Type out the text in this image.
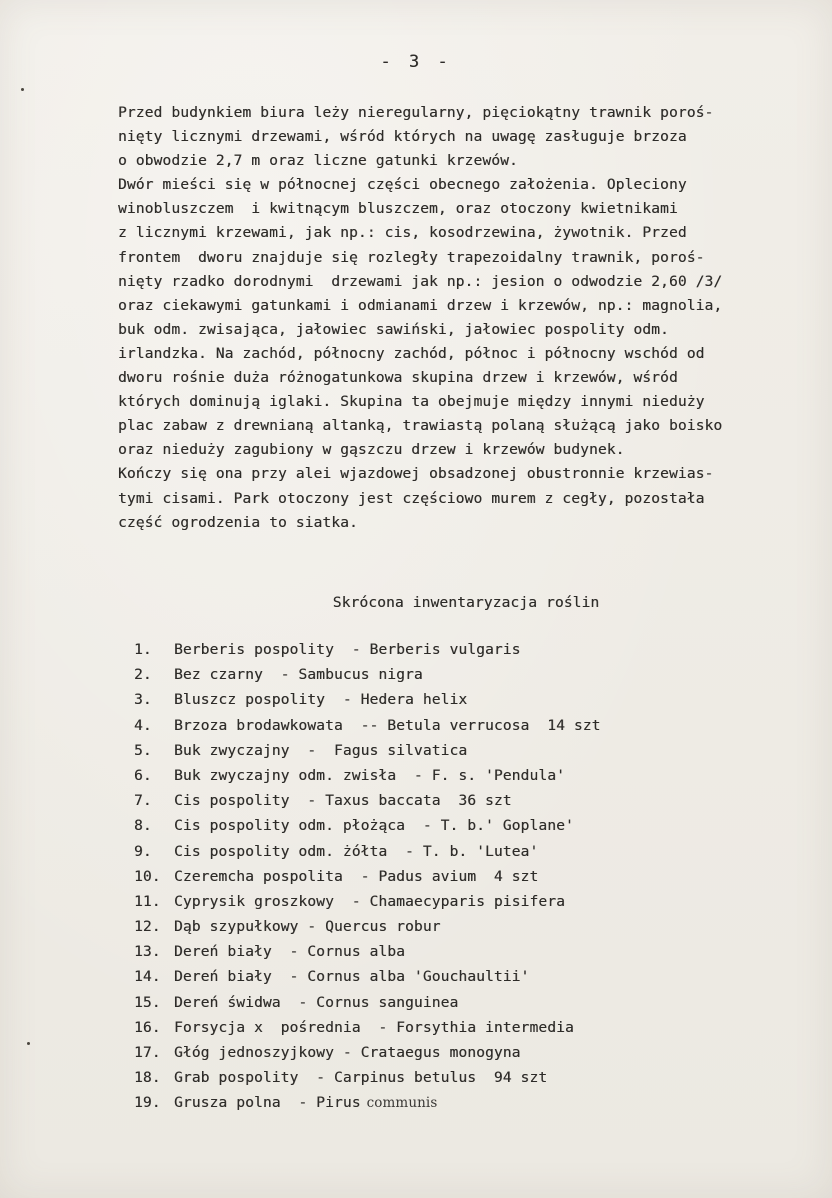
- 3 -
Przed budynkiem biura leży nieregularny, pięciokątny trawnik poroś-
nięty licznymi drzewami, wśród których na uwagę zasługuje brzoza
o obwodzie 2,7 m oraz liczne gatunki krzewów.
Dwór mieści się w północnej części obecnego założenia. Opleciony
winobluszczem  i kwitnącym bluszczem, oraz otoczony kwietnikami
z licznymi krzewami, jak np.: cis, kosodrzewina, żywotnik. Przed
frontem  dworu znajduje się rozległy trapezoidalny trawnik, poroś-
nięty rzadko dorodnymi  drzewami jak np.: jesion o odwodzie 2,60 /3/
oraz ciekawymi gatunkami i odmianami drzew i krzewów, np.: magnolia,
buk odm. zwisająca, jałowiec sawiński, jałowiec pospolity odm.
irlandzka. Na zachód, północny zachód, północ i północny wschód od
dworu rośnie duża różnogatunkowa skupina drzew i krzewów, wśród
których dominują iglaki. Skupina ta obejmuje między innymi nieduży
plac zabaw z drewnianą altanką, trawiastą polaną służącą jako boisko
oraz nieduży zagubiony w gąszczu drzew i krzewów budynek.
Kończy się ona przy alei wjazdowej obsadzonej obustronnie krzewias-
tymi cisami. Park otoczony jest częściowo murem z cegły, pozostała
część ogrodzenia to siatka.
Skrócona inwentaryzacja roślin
1.	Berberis pospolity  - Berberis vulgaris
2.	Bez czarny  - Sambucus nigra
3.	Bluszcz pospolity  - Hedera helix
4.	Brzoza brodawkowata  -- Betula verrucosa  14 szt
5.	Buk zwyczajny  -  Fagus silvatica
6.	Buk zwyczajny odm. zwisła  - F. s. 'Pendula'
7.	Cis pospolity  - Taxus baccata  36 szt
8.	Cis pospolity odm. płożąca  - T. b.' Goplane'
9.	Cis pospolity odm. żółta  - T. b. 'Lutea'
10. Czeremcha pospolita  - Padus avium  4 szt
11. Cyprysik groszkowy  - Chamaecyparis pisifera
12. Dąb szypułkowy - Quercus robur
13. Dereń biały  - Cornus alba
14. Dereń biały  - Cornus alba 'Gouchaultii'
15. Dereń świdwa  - Cornus sanguinea
16. Forsycja x  pośrednia  - Forsythia intermedia
17. Głóg jednoszyjkowy - Crataegus monogyna
18. Grab pospolity  - Carpinus betulus  94 szt
19. Grusza polna  - Pirus communis
